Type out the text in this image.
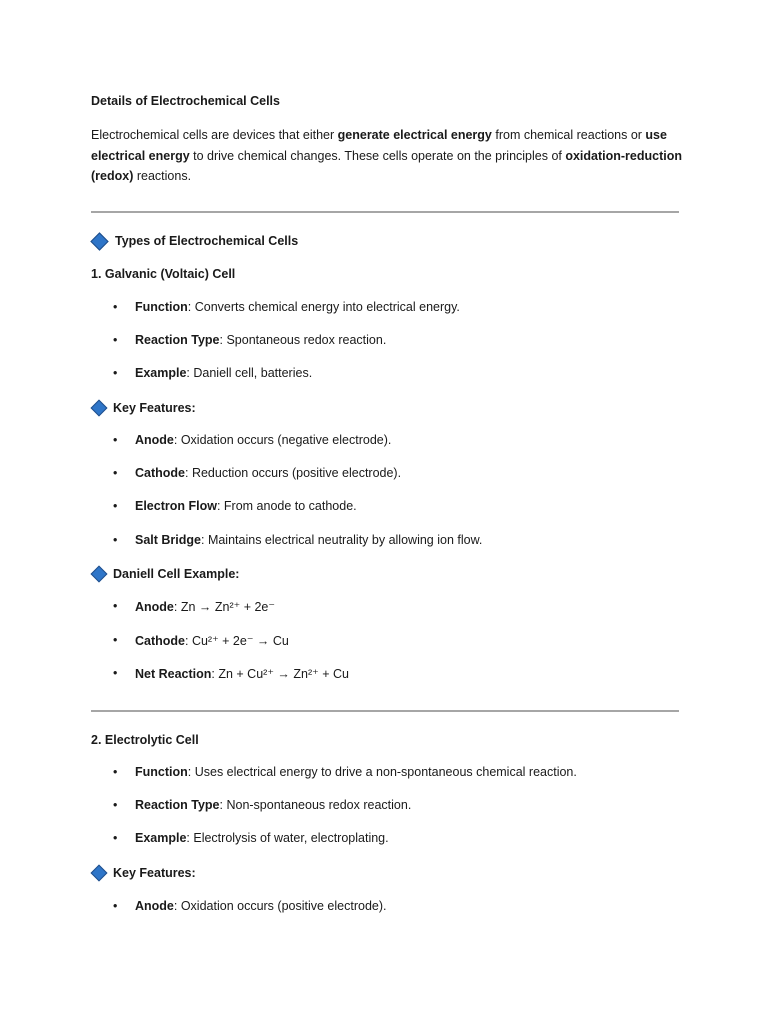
Details of Electrochemical Cells
Electrochemical cells are devices that either generate electrical energy from chemical reactions or use electrical energy to drive chemical changes. These cells operate on the principles of oxidation-reduction (redox) reactions.
Types of Electrochemical Cells
1. Galvanic (Voltaic) Cell
• Function: Converts chemical energy into electrical energy.
• Reaction Type: Spontaneous redox reaction.
• Example: Daniell cell, batteries.
Key Features:
• Anode: Oxidation occurs (negative electrode).
• Cathode: Reduction occurs (positive electrode).
• Electron Flow: From anode to cathode.
• Salt Bridge: Maintains electrical neutrality by allowing ion flow.
Daniell Cell Example:
• Anode: Zn → Zn²⁺ + 2e⁻
• Cathode: Cu²⁺ + 2e⁻ → Cu
• Net Reaction: Zn + Cu²⁺ → Zn²⁺ + Cu
2. Electrolytic Cell
• Function: Uses electrical energy to drive a non-spontaneous chemical reaction.
• Reaction Type: Non-spontaneous redox reaction.
• Example: Electrolysis of water, electroplating.
Key Features:
• Anode: Oxidation occurs (positive electrode).
